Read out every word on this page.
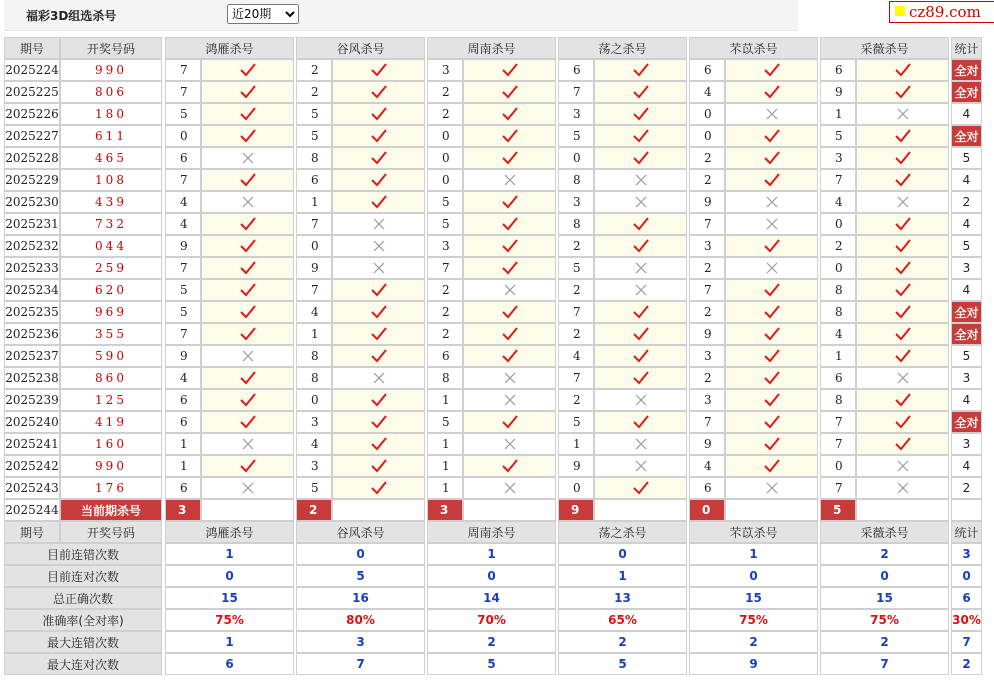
福彩3D组选杀号
近20期	cz89.com
期号	开奖号码	鸿雁杀号	谷风杀号	周南杀号	荡之杀号	芣苡杀号	采薇杀号	统计
2025224	990	7	2	3	6	6	6	全对
2025225	806	7	2	2	7	4	9	全对
2025226	180	5	5	2	3	0	1	4
2025227	611	0	5	0	5	0	5	全对
2025228	465	6	8	0	0	2	3	5
2025229	108	7	6	0	8	2	7	4
2025230	439	4	1	5	3	9	4	2
2025231	732	4	7	5	8	7	0	4
2025232	044	9	0	3	2	3	2	5
2025233	259	7	9	7	5	2	0	3
2025234	620	5	7	2	2	7	8	4
2025235	969	5	4	2	7	2	8	全对
2025236	355	7	1	2	2	9	4	全对
2025237	590	9	8	6	4	3	1	5
2025238	860	4	8	8	7	2	6	3
2025239	125	6	0	1	2	3	8	4
2025240	419	6	3	5	5	7	7	全对
2025241	160	1	4	1	1	9	7	3
2025242	990	1	3	1	9	4	0	4
2025243	176	6	5	1	0	6	7	2
2025244	当前期杀号	3	2	3	9	0	5
期号	开奖号码	鸿雁杀号	谷风杀号	周南杀号	荡之杀号	芣苡杀号	采薇杀号	统计
目前连错次数	1	0	1	0	1	2	3
目前连对次数	0	5	0	1	0	0	0
总正确次数	15	16	14	13	15	15	6
准确率(全对率)	75%	80%	70%	65%	75%	75%	30%
最大连错次数	1	3	2	2	2	2	7
最大连对次数	6	7	5	5	9	7	2
